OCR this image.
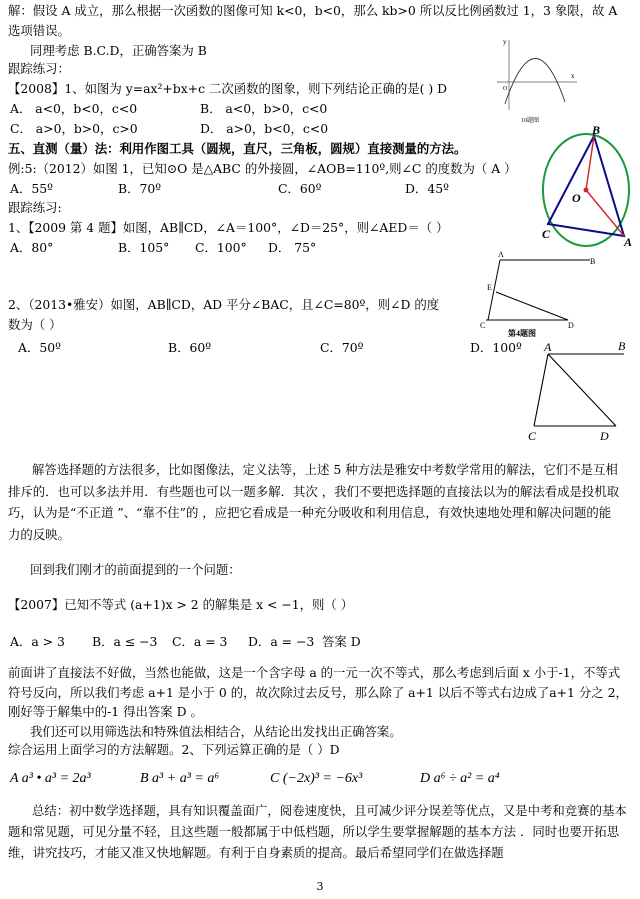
解：假设 A 成立，那么根据一次函数的图像可知 k<0，b<0，那么 kb>0 所以反比例函数过 1，3 象限，故 A
选项错误。
同理考虑 B.C.D，正确答案为 B
跟踪练习：
【2008】1、如图为 y=ax²+bx+c 二次函数的图象，则下列结论正确的是( ) D
A． a<0，b<0，c<0	B． a<0，b>0，c<0
C． a>0，b>0，c>0	D． a>0，b<0，c<0
y
x
O
10题图
五、直测（量）法：利用作图工具（圆规，直尺，三角板，圆规）直接测量的方法。
例:5:（2012）如图 1，已知⊙O 是△ABC 的外接圆，∠AOB=110º,则∠C 的度数为（ A ）
A．55º	B．70º	C．60º	D．45º
B
O
C
A
跟踪练习:
1、【2009 第 4 题】如图，AB∥CD，∠A＝100°，∠D＝25°，则∠AED＝（ ）
A．80°	B．105° C．100° D． 75°	A
B
E
C	D
第4题图
2、（2013•雅安）如图，AB∥CD，AD 平分∠BAC，且∠C=80º，则∠D 的度
数为（ ）
A．50º	B．60º	C．70º	D．100º A	B
C	D
解答选择题的方法很多，比如图像法，定义法等，上述 5 种方法是雅安中考数学常用的解法，它们不是互相排斥的．也可以多法并用．有些题也可以一题多解．其次 ，我们不要把选择题的直接法以为的解法看成是投机取巧，认为是“不正道 ”、“靠不住”的 ，应把它看成是一种充分吸收和利用信息，有效快速地处理和解决问题的能力的反映。
回到我们刚才的前面提到的一个问题：
【2007】已知不等式 (a+1)x > 2 的解集是 x < −1，则（ ）
A．a > 3 B．a ≤ −3 C．a = 3 D．a = −3 答案 D
前面讲了直接法不好做，当然也能做，这是一个含字母 a 的一元一次不等式，那么考虑到后面 x 小于-1，不等式符号反向，所以我们考虑 a+1 是小于 0 的，故次除过去反号，那么除了 a+1 以后不等式右边成了a+1 分之 2，刚好等于解集中的-1 得出答案 D 。
我们还可以用筛选法和特殊值法相结合，从结论出发找出正确答案。
综合运用上面学习的方法解题。2、下列运算正确的是（ ）D
A a³ • a³ = 2a³	B a³ + a³ = a⁶	C (−2x)³ = −6x³	D a⁶ ÷ a² = a⁴
总结：初中数学选择题，具有知识覆盖面广，阅卷速度快，且可减少评分误差等优点，又是中考和竞赛的基本题和常见题，可见分量不轻，且这些题一般都属于中低档题，所以学生要掌握解题的基本方法 ．同时也要开拓思维，讲究技巧，才能又准又快地解题。有利于自身素质的提高。最后希望同学们在做选择题
3
